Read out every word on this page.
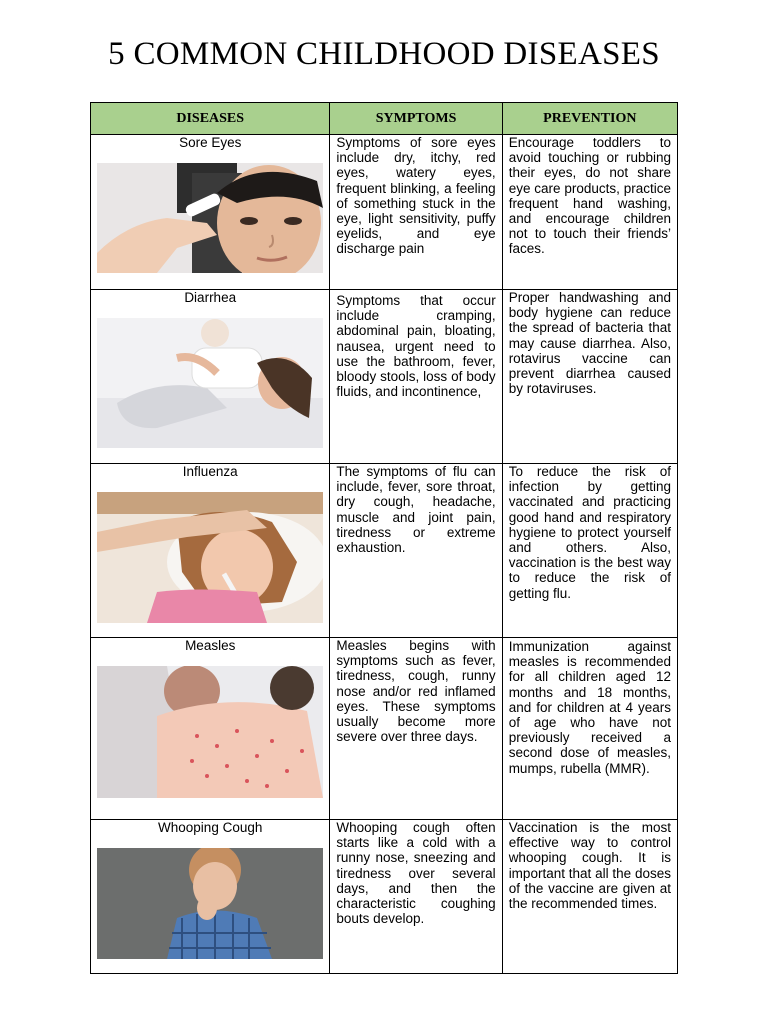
5 COMMON CHILDHOOD DISEASES
DISEASES	SYMPTOMS	PREVENTION

Sore Eyes	Symptoms of sore eyes include dry, itchy, red eyes, watery eyes, frequent blinking, a feeling of something stuck in the eye, light sensitivity, puffy eyelids, and eye discharge pain	Encourage toddlers to avoid touching or rubbing their eyes, do not share eye care products, practice frequent hand washing, and encourage children not to touch their friends’ faces.

Diarrhea	Symptoms that occur include cramping, abdominal pain, bloating, nausea, urgent need to use the bathroom, fever, bloody stools, loss of body fluids, and incontinence,	Proper handwashing and body hygiene can reduce the spread of bacteria that may cause diarrhea. Also, rotavirus vaccine can prevent diarrhea caused by rotaviruses.

Influenza	The symptoms of flu can include, fever, sore throat, dry cough, headache, muscle and joint pain, tiredness or extreme exhaustion.	To reduce the risk of infection by getting vaccinated and practicing good hand and respiratory hygiene to protect yourself and others. Also, vaccination is the best way to reduce the risk of getting flu.

Measles	Measles begins with symptoms such as fever, tiredness, cough, runny nose and/or red inflamed eyes. These symptoms usually become more severe over three days.	Immunization against measles is recommended for all children aged 12 months and 18 months, and for children at 4 years of age who have not previously received a second dose of measles, mumps, rubella (MMR).

Whooping Cough	Whooping cough often starts like a cold with a runny nose, sneezing and tiredness over several days, and then the characteristic coughing bouts develop.	Vaccination is the most effective way to control whooping cough. It is important that all the doses of the vaccine are given at the recommended times.
